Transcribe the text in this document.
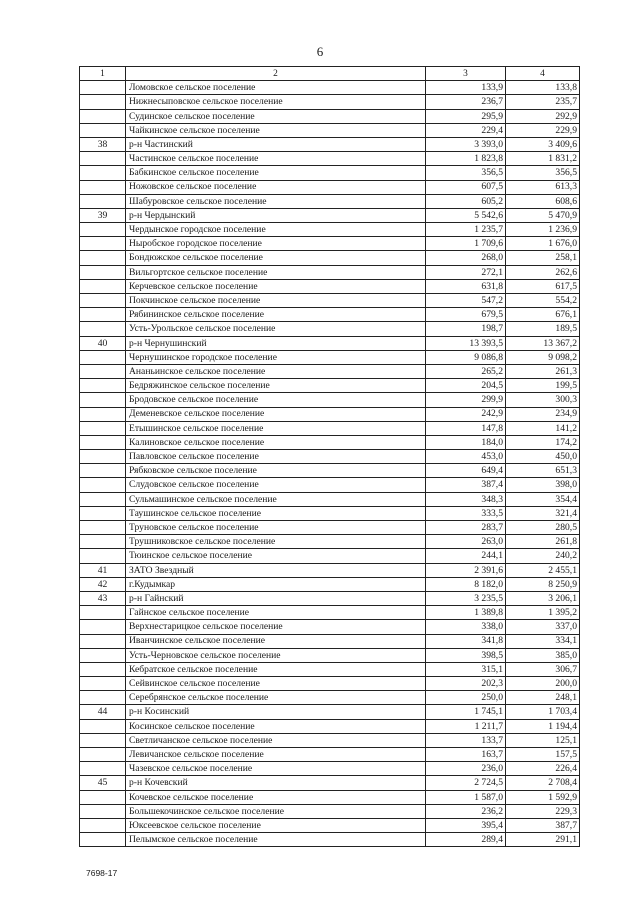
6
1	2	3	4
	Ломовское сельское поселение	133,9	133,8
	Нижнесыповское сельское поселение	236,7	235,7
	Судинское сельское поселение	295,9	292,9
	Чайкинское сельское поселение	229,4	229,9
38	р-н Частинский	3 393,0	3 409,6
	Частинское сельское поселение	1 823,8	1 831,2
	Бабкинское сельское поселение	356,5	356,5
	Ножовское сельское поселение	607,5	613,3
	Шабуровское сельское поселение	605,2	608,6
39	р-н Чердынский	5 542,6	5 470,9
	Чердынское городское поселение	1 235,7	1 236,9
	Ныробское городское поселение	1 709,6	1 676,0
	Бондюжское сельское поселение	268,0	258,1
	Вильгортское сельское поселение	272,1	262,6
	Керчевское сельское поселение	631,8	617,5
	Покчинское сельское поселение	547,2	554,2
	Рябининское сельское поселение	679,5	676,1
	Усть-Урольское сельское поселение	198,7	189,5
40	р-н Чернушинский	13 393,5	13 367,2
	Чернушинское городское поселение	9 086,8	9 098,2
	Ананьинское сельское поселение	265,2	261,3
	Бедряжинское сельское поселение	204,5	199,5
	Бродовское сельское поселение	299,9	300,3
	Деменевское сельское поселение	242,9	234,9
	Етышинское сельское поселение	147,8	141,2
	Калиновское сельское поселение	184,0	174,2
	Павловское сельское поселение	453,0	450,0
	Рябковское сельское поселение	649,4	651,3
	Слудовское сельское поселение	387,4	398,0
	Сульмашинское сельское поселение	348,3	354,4
	Таушинское сельское поселение	333,5	321,4
	Труновское сельское поселение	283,7	280,5
	Трушниковское сельское поселение	263,0	261,8
	Тюинское сельское поселение	244,1	240,2
41	ЗАТО Звездный	2 391,6	2 455,1
42	г.Кудымкар	8 182,0	8 250,9
43	р-н Гайнский	3 235,5	3 206,1
	Гайнское сельское поселение	1 389,8	1 395,2
	Верхнестарицкое сельское поселение	338,0	337,0
	Иванчинское сельское поселение	341,8	334,1
	Усть-Черновское сельское поселение	398,5	385,0
	Кебратское сельское поселение	315,1	306,7
	Сейвинское сельское поселение	202,3	200,0
	Серебрянское сельское поселение	250,0	248,1
44	р-н Косинский	1 745,1	1 703,4
	Косинское сельское поселение	1 211,7	1 194,4
	Светличанское сельское поселение	133,7	125,1
	Левичанское сельское поселение	163,7	157,5
	Чазевское сельское поселение	236,0	226,4
45	р-н Кочевский	2 724,5	2 708,4
	Кочевское сельское поселение	1 587,0	1 592,9
	Большекочинское сельское поселение	236,2	229,3
	Юксеевское сельское поселение	395,4	387,7
	Пелымское сельское поселение	289,4	291,1
7698-17
